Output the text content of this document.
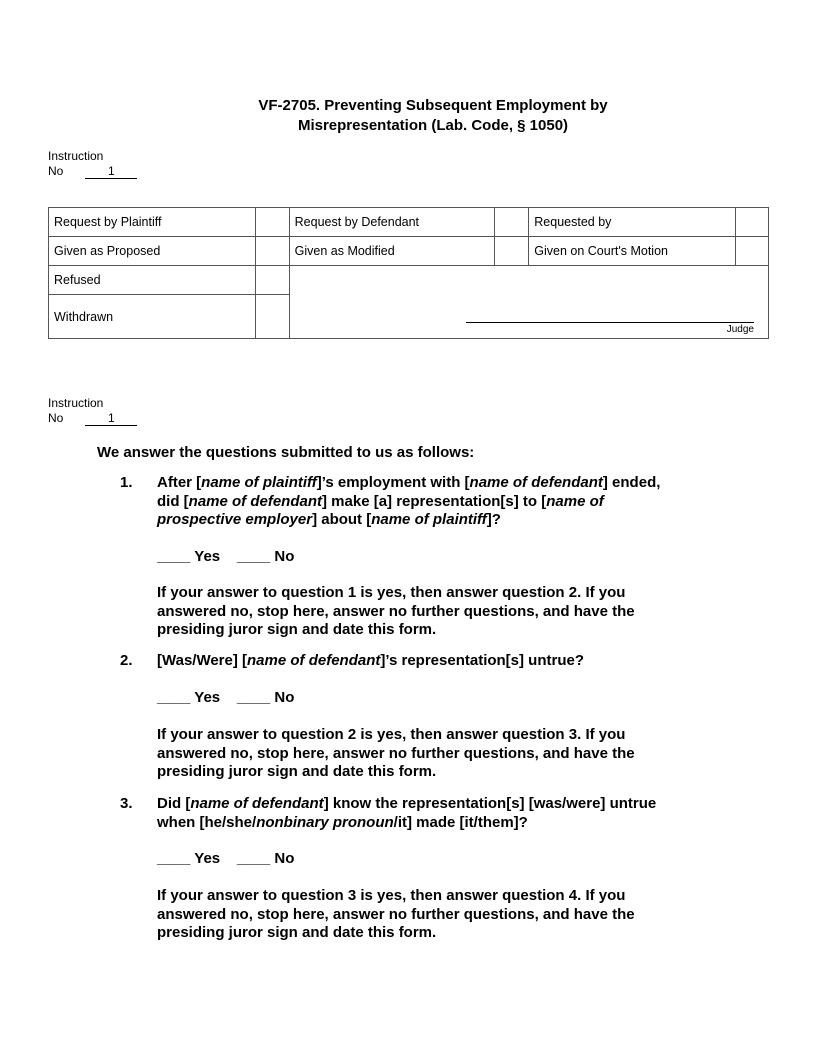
VF-2705. Preventing Subsequent Employment by
Misrepresentation (Lab. Code, § 1050)
Instruction
No	1
Request by Plaintiff		Request by Defendant		Requested by	
Given as Proposed		Given as Modified		Given on Court's Motion	
Refused		Judge			

Withdrawn					
Instruction
No	1
We answer the questions submitted to us as follows:
1. After [name of plaintiff]’s employment with [name of defendant] ended,
did [name of defendant] make [a] representation[s] to [name of
prospective employer] about [name of plaintiff]?
____ Yes ____ No
If your answer to question 1 is yes, then answer question 2. If you
answered no, stop here, answer no further questions, and have the
presiding juror sign and date this form.
2. [Was/Were] [name of defendant]’s representation[s] untrue?
____ Yes ____ No
If your answer to question 2 is yes, then answer question 3. If you
answered no, stop here, answer no further questions, and have the
presiding juror sign and date this form.
3. Did [name of defendant] know the representation[s] [was/were] untrue
when [he/she/nonbinary pronoun/it] made [it/them]?
____ Yes ____ No
If your answer to question 3 is yes, then answer question 4. If you
answered no, stop here, answer no further questions, and have the
presiding juror sign and date this form.
